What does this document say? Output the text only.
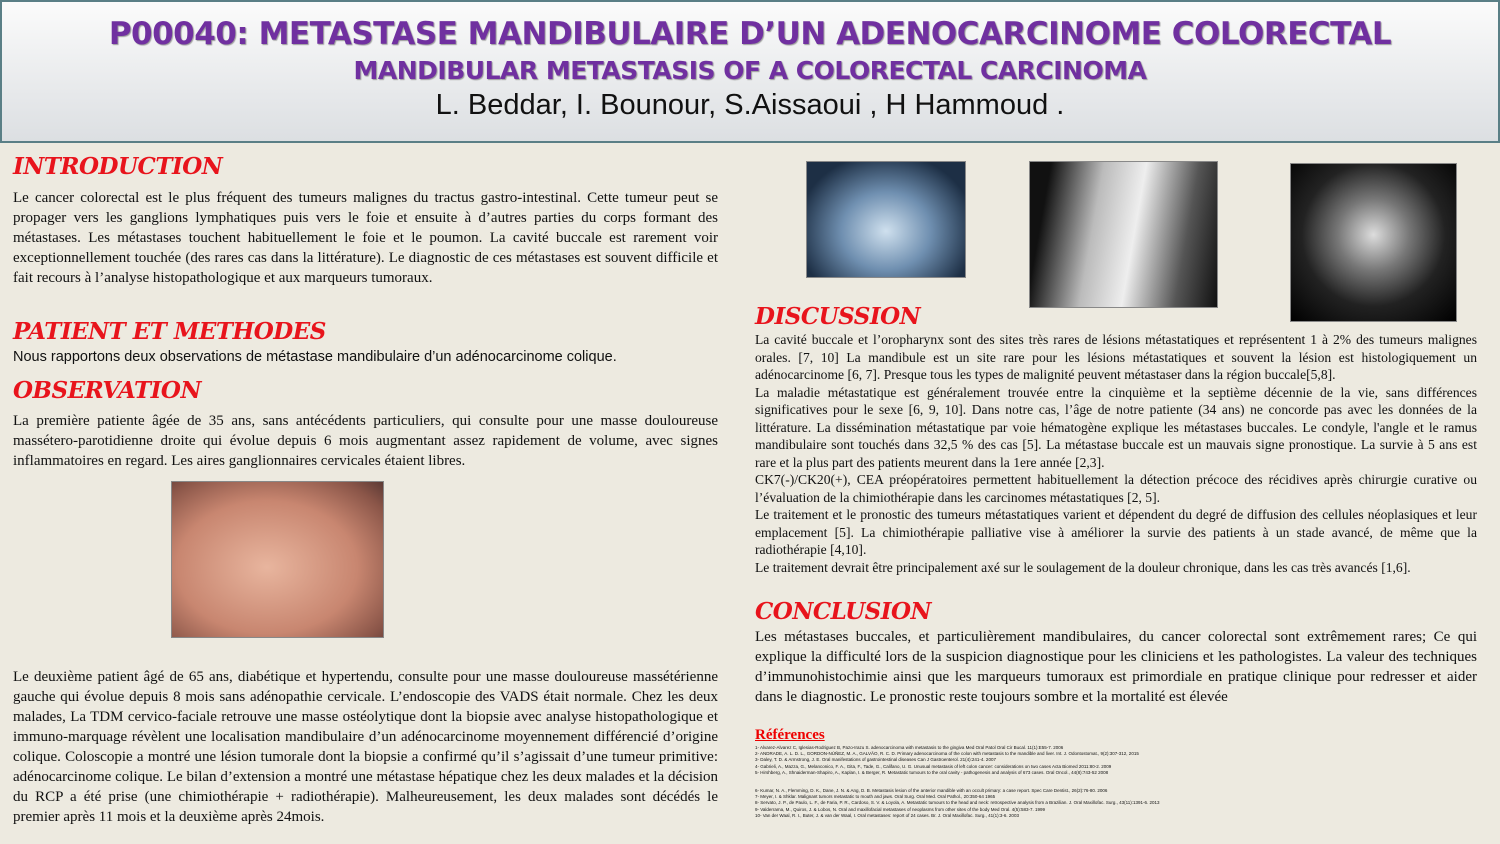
P00040: METASTASE MANDIBULAIRE D’UN ADENOCARCINOME COLORECTAL
MANDIBULAR METASTASIS OF A COLORECTAL CARCINOMA
L. Beddar, I. Bounour, S.Aissaoui , H Hammoud .
INTRODUCTION
Le cancer colorectal est le plus fréquent des tumeurs malignes du tractus gastro-intestinal. Cette tumeur peut se propager vers les ganglions lymphatiques puis vers le foie et ensuite à d’autres parties du corps formant des métastases. Les métastases touchent habituellement le foie et le poumon. La cavité buccale est rarement voir exceptionnellement touchée (des rares cas dans la littérature). Le diagnostic de ces métastases est souvent difficile et fait recours à l’analyse histopathologique et aux marqueurs tumoraux.
PATIENT ET METHODES
Nous rapportons deux observations de métastase mandibulaire d’un adénocarcinome colique.
OBSERVATION
La première patiente âgée de 35 ans, sans antécédents particuliers, qui consulte pour une masse douloureuse massétero-parotidienne droite qui évolue depuis 6 mois augmentant assez rapidement de volume, avec signes inflammatoires en regard. Les aires ganglionnaires cervicales étaient libres.
Le deuxième patient âgé de 65 ans, diabétique et hypertendu, consulte pour une masse douloureuse massétérienne gauche qui évolue depuis 8 mois sans adénopathie cervicale. L’endoscopie des VADS était normale. Chez les deux malades, La TDM cervico-faciale retrouve une masse ostéolytique dont la biopsie avec analyse histopathologique et immuno-marquage révèlent une localisation mandibulaire d’un adénocarcinome moyennement différencié d’origine colique. Coloscopie a montré une lésion tumorale dont la biopsie a confirmé qu’il s’agissait d’une tumeur primitive: adénocarcinome colique. Le bilan d’extension a montré une métastase hépatique chez les deux malades et la décision du RCP a été prise (une chimiothérapie + radiothérapie). Malheureusement, les deux malades sont décédés le premier après 11 mois et la deuxième après 24mois.
DISCUSSION
La cavité buccale et l’oropharynx sont des sites très rares de lésions métastatiques et représentent 1 à 2% des tumeurs malignes orales. [7, 10] La mandibule est un site rare pour les lésions métastatiques et souvent la lésion est histologiquement un adénocarcinome [6, 7]. Presque tous les types de malignité peuvent métastaser dans la région buccale[5,8].
La maladie métastatique est généralement trouvée entre la cinquième et la septième décennie de la vie, sans différences significatives pour le sexe [6, 9, 10]. Dans notre cas, l’âge de notre patiente (34 ans) ne concorde pas avec les données de la littérature. La dissémination métastatique par voie hématogène explique les métastases buccales. Le condyle, l'angle et le ramus mandibulaire sont touchés dans 32,5 % des cas [5]. La métastase buccale est un mauvais signe pronostique. La survie à 5 ans est rare et la plus part des patients meurent dans la 1ere année [2,3].
CK7(-)/CK20(+), CEA préopératoires permettent habituellement la détection précoce des récidives après chirurgie curative ou l’évaluation de la chimiothérapie dans les carcinomes métastatiques [2, 5].
Le traitement et le pronostic des tumeurs métastatiques varient et dépendent du degré de diffusion des cellules néoplasiques et leur emplacement [5]. La chimiothérapie palliative vise à améliorer la survie des patients à un stade avancé, de même que la radiothérapie [4,10].
Le traitement devrait être principalement axé sur le soulagement de la douleur chronique, dans les cas très avancés [1,6].
CONCLUSION
Les métastases buccales, et particulièrement mandibulaires, du cancer colorectal sont extrêmement rares; Ce qui explique la difficulté lors de la suspicion diagnostique pour les cliniciens et les pathologistes. La valeur des techniques d’immunohistochimie ainsi que les marqueurs tumoraux est primordiale en pratique clinique pour redresser et aider dans le diagnostic. Le pronostic reste toujours sombre et la mortalité est élevée
Références
1- Alvarez-Alvarez C, Iglesias-Rodriguez B, Pazo-Irazu S. adenocarcinoma with metastasis to the gingiva Med Oral Patol Oral Cir Bucal. 11(1):E55-7. 2006
2- ANDRADE, A. L. D. L., GORDON-NÚÑEZ, M. A., GALVÃO, R. C. D. Primary adenocarcinoma of the colon with metastasis to the mandible and liver. Int. J. Odontostomat., 9(2):307-312, 2015
3- Daley, T. D. & Armstrong, J. E. Oral manifestations of gastrointestinal diseases Can J Gastroenterol. 21(4):241-4. 2007
4- Gabrieli, A., Mazza, G., Melanconico, F. A., Gita, F., Tade, G., Califano, U. G. Unusual metastasis of left colon cancer: considerations on two cases Acta Biomed 2011:80-2. 2009
5- Hirshberg, A., Shnaiderman-Shapiro, A., Kaplan, I. & Berger, R. Metastatic tumours to the oral cavity - pathogenesis and analysis of 673 cases. Oral Oncol., 44(8):743-52 2008
6- Kumar, N. A., Flemming, D. K., Dane, J. N. & Ang, D. B. Metastasis lesion of the anterior mandible with an occult primary: a case report. Spec Care Dentist., 26(2):76-80. 2006
7- Meyer, I. & Shklar. Malignant tumors metastatic to mouth and jaws. Oral Surg. Oral Med. Oral Pathol., 20:350-64 1965
8- Servato, J. P., de Paulo, L. F., de Faria, P. R., Cardoso, S. V. & Loyola, A. Metastatic tumours to the head and neck: retrospective analysis from a Brazilian. J. Oral Maxillofac. Surg., 43(11):1391-6. 2013
9- Valderrama, M., Quiros, J. & Lobos, N. Oral and maxillofacial metastases of neoplasms from other sites of the body Med Oral. 4(5):583-7. 1999
10- Van der Waal, R. I., Buter, J. & van der Waal, I. Oral metastases: report of 24 cases. Br. J. Oral Maxillofac. Surg., 41(1):3-6. 2003
